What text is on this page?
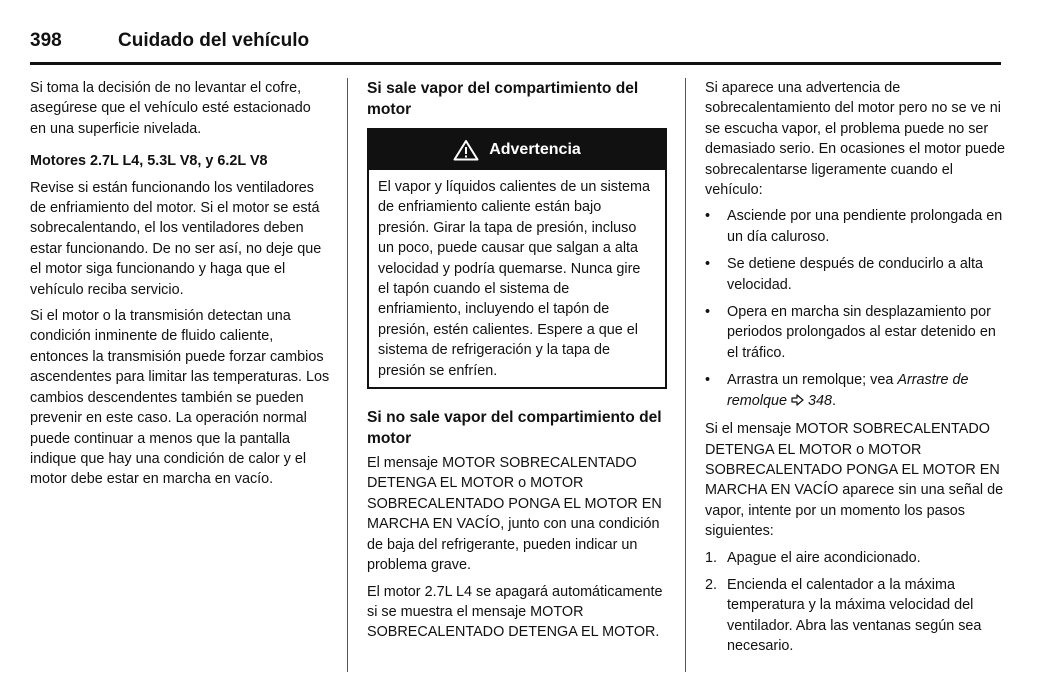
398	Cuidado del vehículo

Si toma la decisión de no levantar el cofre, asegúrese que el vehículo esté estacionado en una superficie nivelada.

Motores 2.7L L4, 5.3L V8, y 6.2L V8

Revise si están funcionando los ventiladores de enfriamiento del motor. Si el motor se está sobrecalentando, el los ventiladores deben estar funcionando. De no ser así, no deje que el motor siga funcionando y haga que el vehículo reciba servicio.

Si el motor o la transmisión detectan una condición inminente de fluido caliente, entonces la transmisión puede forzar cambios ascendentes para limitar las temperaturas. Los cambios descendentes también se pueden prevenir en este caso. La operación normal puede continuar a menos que la pantalla indique que hay una condición de calor y el motor debe estar en marcha en vacío.

Si sale vapor del compartimiento del motor
Advertencia

El vapor y líquidos calientes de un sistema de enfriamiento caliente están bajo presión. Girar la tapa de presión, incluso un poco, puede causar que salgan a alta velocidad y podría quemarse. Nunca gire el tapón cuando el sistema de enfriamiento, incluyendo el tapón de presión, estén calientes. Espere a que el sistema de refrigeración y la tapa de presión se enfríen.

Si no sale vapor del compartimiento del motor

El mensaje MOTOR SOBRECALENTADO DETENGA EL MOTOR o MOTOR SOBRECALENTADO PONGA EL MOTOR EN MARCHA EN VACÍO, junto con una condición de baja del refrigerante, pueden indicar un problema grave.

El motor 2.7L L4 se apagará automáticamente si se muestra el mensaje MOTOR SOBRECALENTADO DETENGA EL MOTOR.

Si aparece una advertencia de sobrecalentamiento del motor pero no se ve ni se escucha vapor, el problema puede no ser demasiado serio. En ocasiones el motor puede sobrecalentarse ligeramente cuando el vehículo:

• Asciende por una pendiente prolongada en un día caluroso.
• Se detiene después de conducirlo a alta velocidad.
• Opera en marcha sin desplazamiento por periodos prolongados al estar detenido en el tráfico.
• Arrastra un remolque; vea Arrastre de remolque 348.

Si el mensaje MOTOR SOBRECALENTADO DETENGA EL MOTOR o MOTOR SOBRECALENTADO PONGA EL MOTOR EN MARCHA EN VACÍO aparece sin una señal de vapor, intente por un momento los pasos siguientes:

1. Apague el aire acondicionado.
2. Encienda el calentador a la máxima temperatura y la máxima velocidad del ventilador. Abra las ventanas según sea necesario.
